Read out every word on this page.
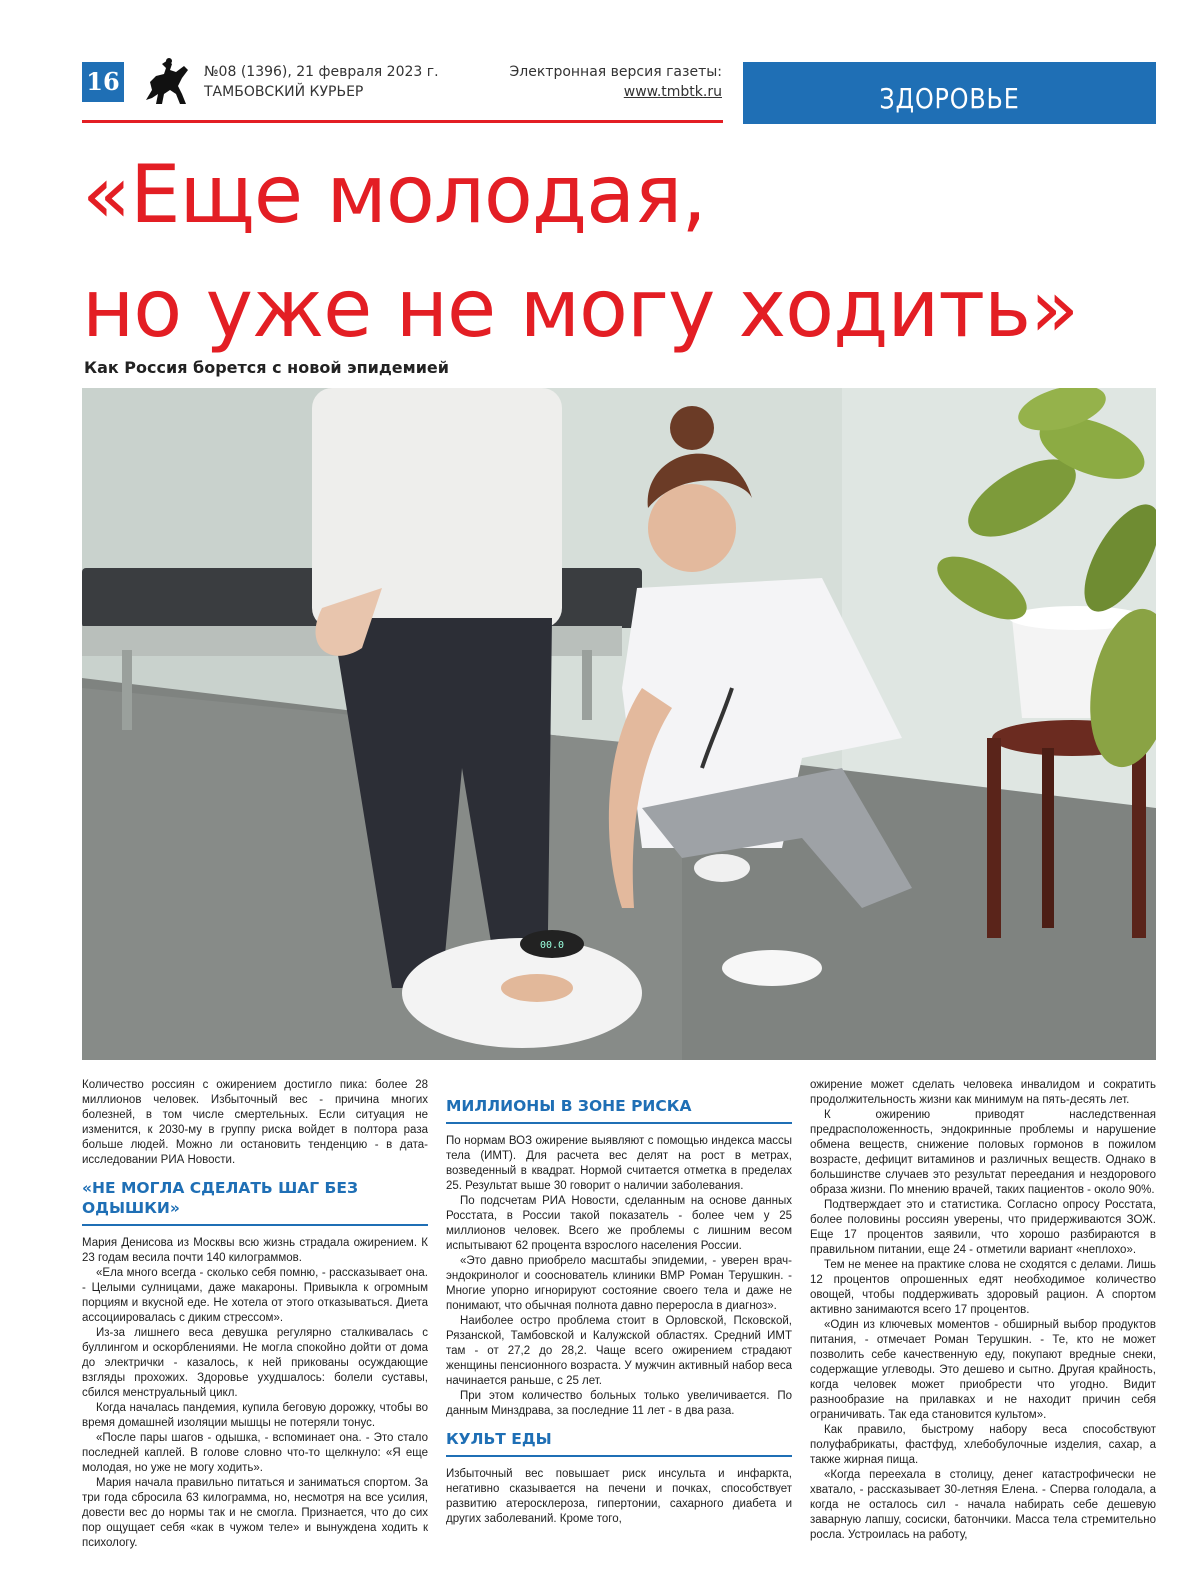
16	№08 (1396), 21 февраля 2023 г.
ТАМБОВСКИЙ КУРЬЕР
Электронная версия газеты:
www.tmbtk.ru	ЗДОРОВЬЕ
«Еще молодая,
но уже не могу ходить»
Как Россия борется с новой эпидемией
00.0

Количество россиян с ожирением достигло пика: более 28 миллионов человек. Избыточный вес - причина многих болезней, в том числе смертельных. Если ситуация не изменится, к 2030-му в группу риска войдет в полтора раза больше людей. Можно ли остановить тенденцию - в дата-исследовании РИА Новости.

«НЕ МОГЛА СДЕЛАТЬ ШАГ БЕЗ ОДЫШКИ»

Мария Денисова из Москвы всю жизнь страдала ожирением. К 23 годам весила почти 140 килограммов.

«Ела много всегда - сколько себя помню, - рассказывает она. - Целыми сулницами, даже макароны. Привыкла к огромным порциям и вкусной еде. Не хотела от этого отказываться. Диета ассоциировалась с диким стрессом».

Из-за лишнего веса девушка регулярно сталкивалась с буллингом и оскорблениями. Не могла спокойно дойти от дома до электрички - казалось, к ней прикованы осуждающие взгляды прохожих. Здоровье ухудшалось: болели суставы, сбился менструальный цикл.

Когда началась пандемия, купила беговую дорожку, чтобы во время домашней изоляции мышцы не потеряли тонус.

«После пары шагов - одышка, - вспоминает она. - Это стало последней каплей. В голове словно что-то щелкнуло: «Я еще молодая, но уже не могу ходить».

Мария начала правильно питаться и заниматься спортом. За три года сбросила 63 килограмма, но, несмотря на все усилия, довести вес до нормы так и не смогла. Признается, что до сих пор ощущает себя «как в чужом теле» и вынуждена ходить к психологу.

МИЛЛИОНЫ В ЗОНЕ РИСКА

По нормам ВОЗ ожирение выявляют с помощью индекса массы тела (ИМТ). Для расчета вес делят на рост в метрах, возведенный в квадрат. Нормой считается отметка в пределах 25. Результат выше 30 говорит о наличии заболевания.

По подсчетам РИА Новости, сделанным на основе данных Росстата, в России такой показатель - более чем у 25 миллионов человек. Всего же проблемы с лишним весом испытывают 62 процента взрослого населения России.

«Это давно приобрело масштабы эпидемии, - уверен врач-эндокринолог и сооснователь клиники ВМР Роман Терушкин. - Многие упорно игнорируют состояние своего тела и даже не понимают, что обычная полнота давно переросла в диагноз».

Наиболее остро проблема стоит в Орловской, Псковской, Рязанской, Тамбовской и Калужской областях. Средний ИМТ там - от 27,2 до 28,2. Чаще всего ожирением страдают женщины пенсионного возраста. У мужчин активный набор веса начинается раньше, с 25 лет.

При этом количество больных только увеличивается. По данным Минздрава, за последние 11 лет - в два раза.

КУЛЬТ ЕДЫ

Избыточный вес повышает риск инсульта и инфаркта, негативно сказывается на печени и почках, способствует развитию атеросклероза, гипертонии, сахарного диабета и других заболеваний. Кроме того,

ожирение может сделать человека инвалидом и сократить продолжительность жизни как минимум на пять-десять лет.

К ожирению приводят наследственная предрасположенность, эндокринные проблемы и нарушение обмена веществ, снижение половых гормонов в пожилом возрасте, дефицит витаминов и различных веществ. Однако в большинстве случаев это результат переедания и нездорового образа жизни. По мнению врачей, таких пациентов - около 90%.

Подтверждает это и статистика. Согласно опросу Росстата, более половины россиян уверены, что придерживаются ЗОЖ. Еще 17 процентов заявили, что хорошо разбираются в правильном питании, еще 24 - отметили вариант «неплохо».

Тем не менее на практике слова не сходятся с делами. Лишь 12 процентов опрошенных едят необходимое количество овощей, чтобы поддерживать здоровый рацион. А спортом активно занимаются всего 17 процентов.

«Один из ключевых моментов - обширный выбор продуктов питания, - отмечает Роман Терушкин. - Те, кто не может позволить себе качественную еду, покупают вредные снеки, содержащие углеводы. Это дешево и сытно. Другая крайность, когда человек может приобрести что угодно. Видит разнообразие на прилавках и не находит причин себя ограничивать. Так еда становится культом».

Как правило, быстрому набору веса способствуют полуфабрикаты, фастфуд, хлебобулочные изделия, сахар, а также жирная пища.

«Когда переехала в столицу, денег катастрофически не хватало, - рассказывает 30-летняя Елена. - Сперва голодала, а когда не осталось сил - начала набирать себе дешевую заварную лапшу, сосиски, батончики. Масса тела стремительно росла. Устроилась на работу,
